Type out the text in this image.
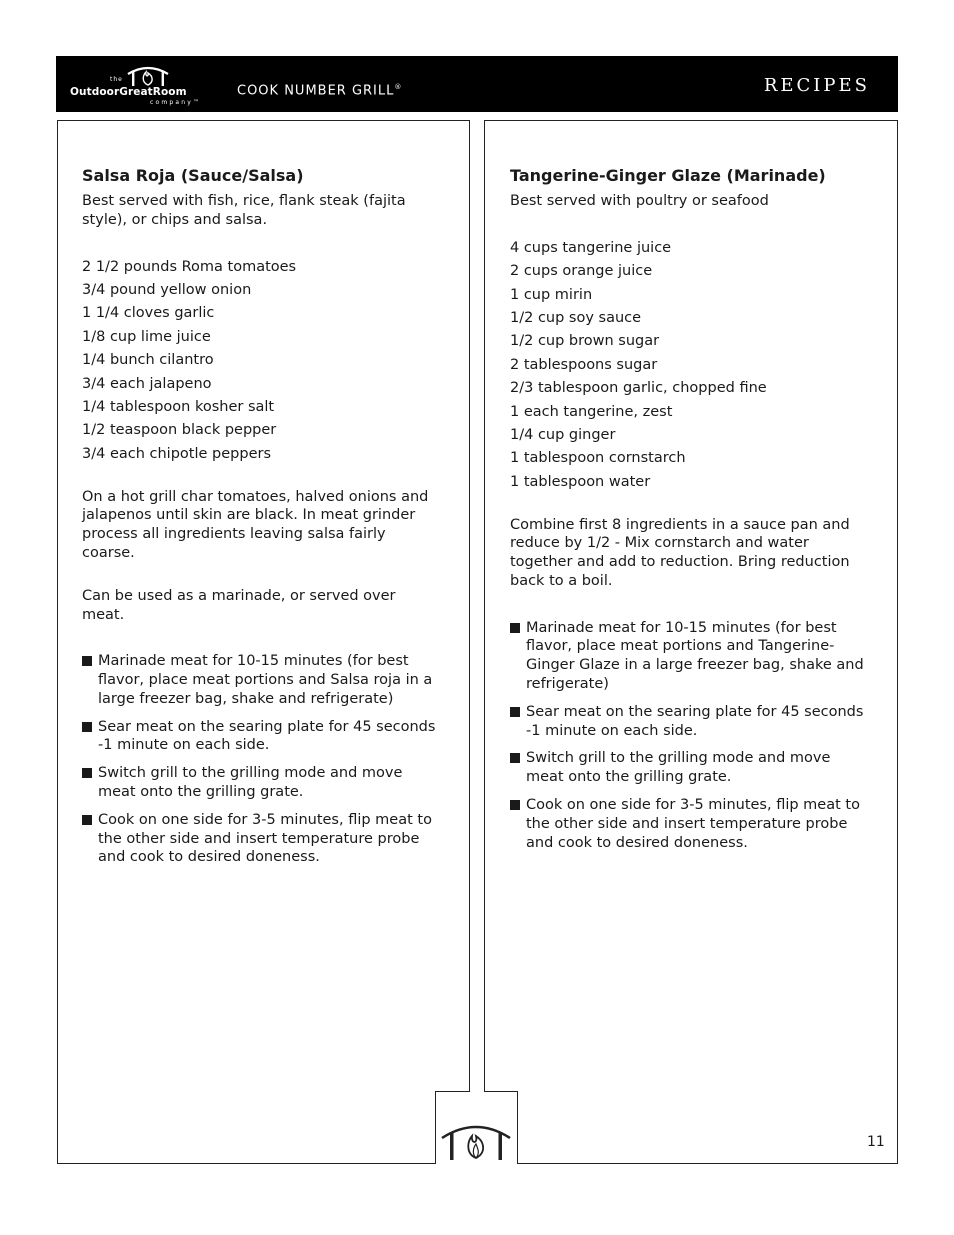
the
OutdoorGreatRoom
company™
COOK NUMBER GRILL®	RECIPES
Salsa Roja (Sauce/Salsa)

Best served with fish, rice, flank steak (fajita style), or chips and salsa.

2 1/2 pounds Roma tomatoes
3/4 pound yellow onion
1 1/4 cloves garlic
1/8 cup lime juice
1/4 bunch cilantro
3/4 each jalapeno
1/4 tablespoon kosher salt
1/2 teaspoon black pepper
3/4 each chipotle peppers

On a hot grill char tomatoes, halved onions and jalapenos until skin are black. In meat grinder process all ingredients leaving salsa fairly coarse.

Can be used as a marinade, or served over meat.

Marinade meat for 10-15 minutes (for best flavor, place meat portions and Salsa roja in a large freezer bag, shake and refrigerate)
Sear meat on the searing plate for 45 seconds -1 minute on each side.
Switch grill to the grilling mode and move meat onto the grilling grate.
Cook on one side for 3-5 minutes, flip meat to the other side and insert temperature probe and cook to desired doneness.
Tangerine-Ginger Glaze (Marinade)

Best served with poultry or seafood

4 cups tangerine juice
2 cups orange juice
1 cup mirin
1/2 cup soy sauce
1/2 cup brown sugar
2 tablespoons sugar
2/3 tablespoon garlic, chopped fine
1 each tangerine, zest
1/4 cup ginger
1 tablespoon cornstarch
1 tablespoon water

Combine first 8 ingredients in a sauce pan and reduce by 1/2 - Mix cornstarch and water together and add to reduction. Bring reduction back to a boil.

Marinade meat for 10-15 minutes (for best flavor, place meat portions and Tangerine-Ginger Glaze in a large freezer bag, shake and refrigerate)
Sear meat on the searing plate for 45 seconds -1 minute on each side.
Switch grill to the grilling mode and move meat onto the grilling grate.
Cook on one side for 3-5 minutes, flip meat to the other side and insert temperature probe and cook to desired doneness.
11
